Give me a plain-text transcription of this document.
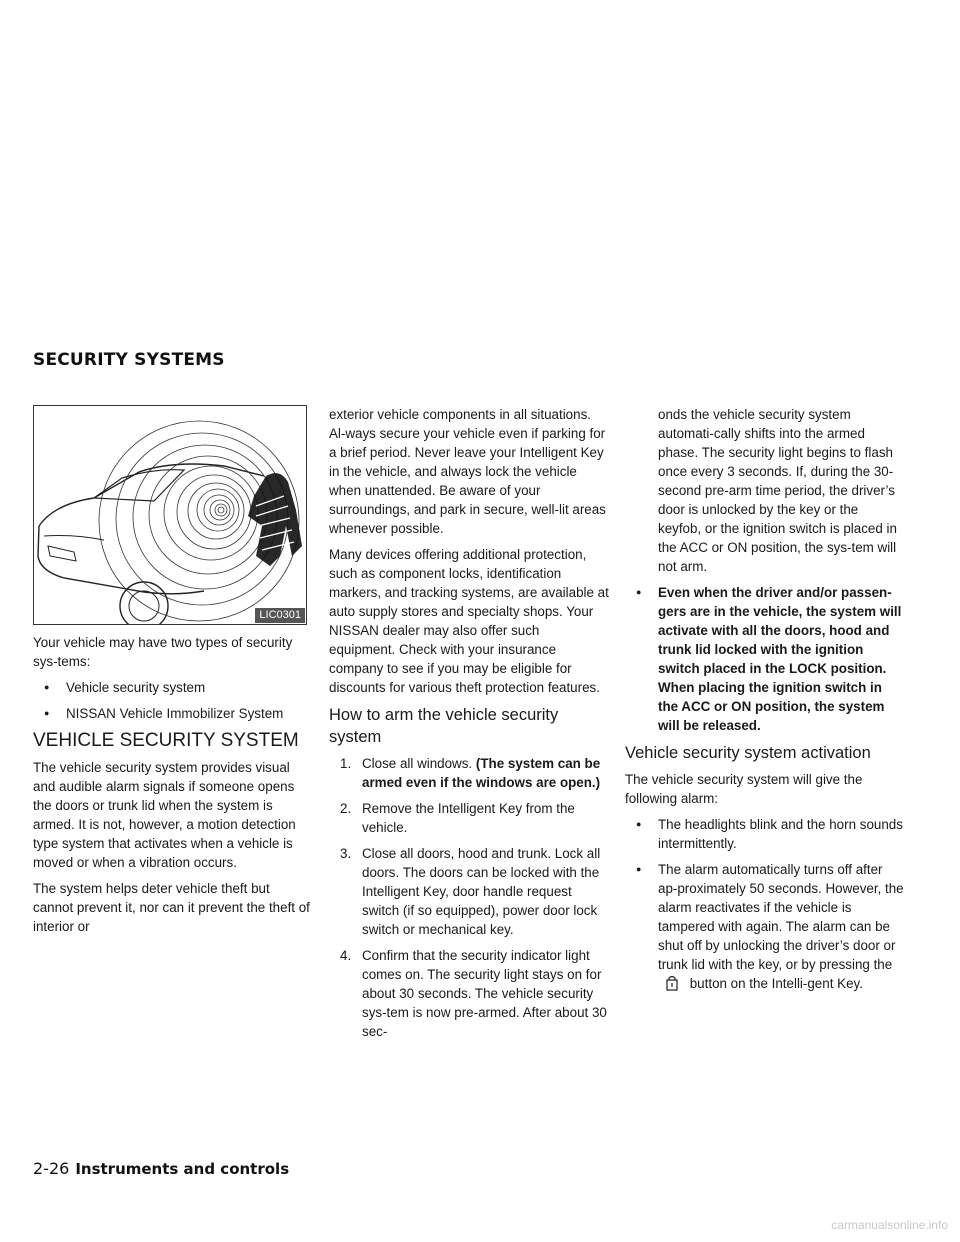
SECURITY SYSTEMS
LIC0301

Your vehicle may have two types of security sys-tems:

● Vehicle security system
● NISSAN Vehicle Immobilizer System
VEHICLE SECURITY SYSTEM

The vehicle security system provides visual and audible alarm signals if someone opens the doors or trunk lid when the system is armed. It is not, however, a motion detection type system that activates when a vehicle is moved or when a vibration occurs.

The system helps deter vehicle theft but cannot prevent it, nor can it prevent the theft of interior or

exterior vehicle components in all situations. Al-ways secure your vehicle even if parking for a brief period. Never leave your Intelligent Key in the vehicle, and always lock the vehicle when unattended. Be aware of your surroundings, and park in secure, well-lit areas whenever possible.

Many devices offering additional protection, such as component locks, identification markers, and tracking systems, are available at auto supply stores and specialty shops. Your NISSAN dealer may also offer such equipment. Check with your insurance company to see if you may be eligible for discounts for various theft protection features.

How to arm the vehicle security system
1. Close all windows. (The system can be armed even if the windows are open.)
2. Remove the Intelligent Key from the vehicle.
3. Close all doors, hood and trunk. Lock all doors. The doors can be locked with the Intelligent Key, door handle request switch (if so equipped), power door lock switch or mechanical key.
4. Confirm that the security indicator light comes on. The security light stays on for about 30 seconds. The vehicle security sys-tem is now pre-armed. After about 30 sec-

onds the vehicle security system automati-cally shifts into the armed phase. The security light begins to flash once every 3 seconds. If, during the 30-second pre-arm time period, the driver’s door is unlocked by the key or the keyfob, or the ignition switch is placed in the ACC or ON position, the sys-tem will not arm.

● Even when the driver and/or passen-gers are in the vehicle, the system will activate with all the doors, hood and trunk lid locked with the ignition switch placed in the LOCK position. When placing the ignition switch in the ACC or ON position, the system will be released.
Vehicle security system activation

The vehicle security system will give the following alarm:

● The headlights blink and the horn sounds intermittently.
● The alarm automatically turns off after ap-proximately 50 seconds. However, the alarm reactivates if the vehicle is tampered with again. The alarm can be shut off by unlocking the driver’s door or trunk lid with the key, or by pressing the  button on the Intelli-gent Key.
2-26 Instruments and controls
carmanualsonline.info
